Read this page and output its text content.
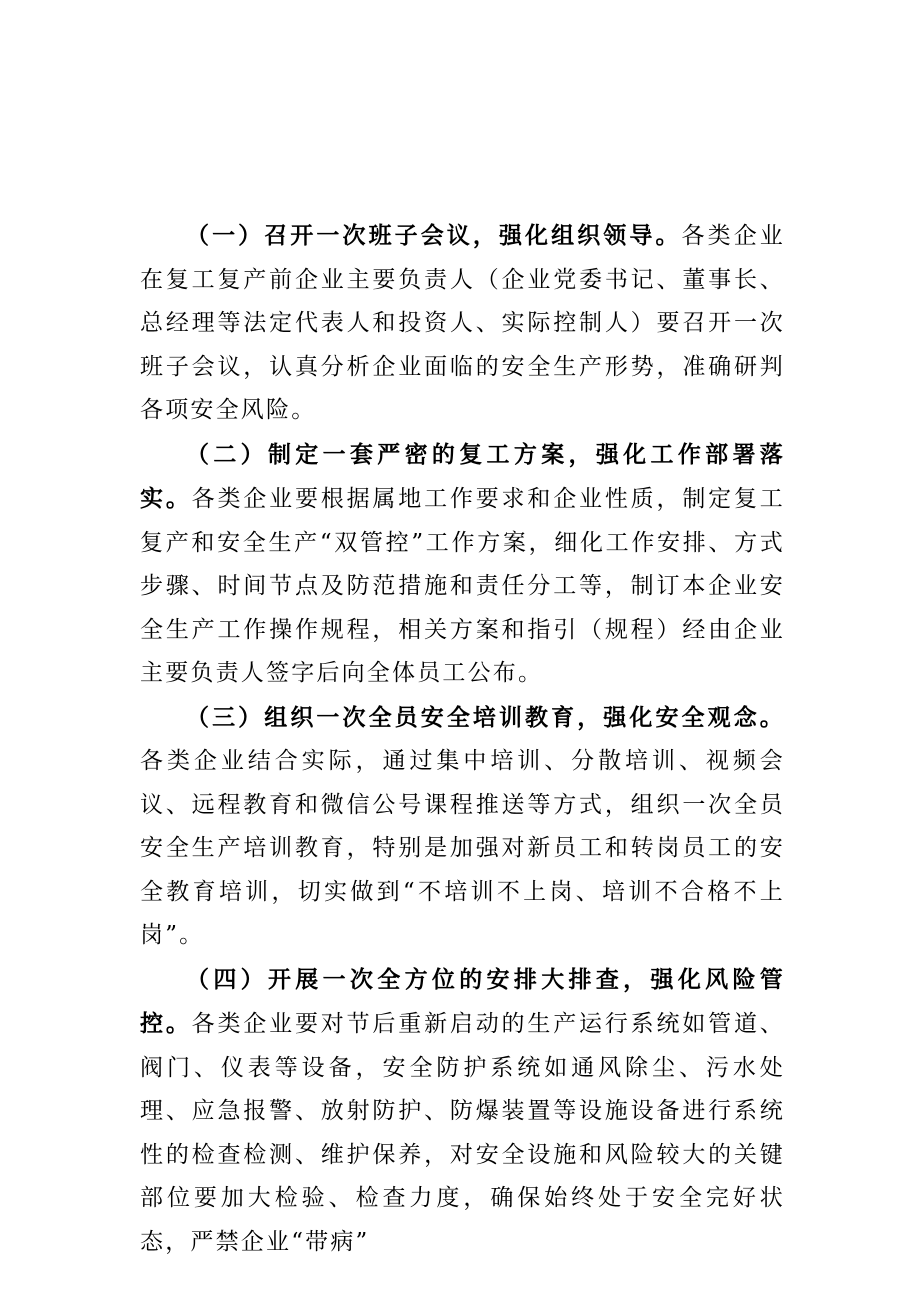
（一）召开一次班子会议，强化组织领导。各类企业在复工复产前企业主要负责人（企业党委书记、董事长、总经理等法定代表人和投资人、实际控制人）要召开一次班子会议，认真分析企业面临的安全生产形势，准确研判各项安全风险。

（二）制定一套严密的复工方案，强化工作部署落实。各类企业要根据属地工作要求和企业性质，制定复工复产和安全生产“双管控”工作方案，细化工作安排、方式步骤、时间节点及防范措施和责任分工等，制订本企业安全生产工作操作规程，相关方案和指引（规程）经由企业主要负责人签字后向全体员工公布。

（三）组织一次全员安全培训教育，强化安全观念。各类企业结合实际，通过集中培训、分散培训、视频会议、远程教育和微信公号课程推送等方式，组织一次全员安全生产培训教育，特别是加强对新员工和转岗员工的安全教育培训，切实做到“不培训不上岗、培训不合格不上岗”。

（四）开展一次全方位的安排大排查，强化风险管控。各类企业要对节后重新启动的生产运行系统如管道、阀门、仪表等设备，安全防护系统如通风除尘、污水处理、应急报警、放射防护、防爆装置等设施设备进行系统性的检查检测、维护保养，对安全设施和风险较大的关键部位要加大检验、检查力度，确保始终处于安全完好状态，严禁企业“带病”
